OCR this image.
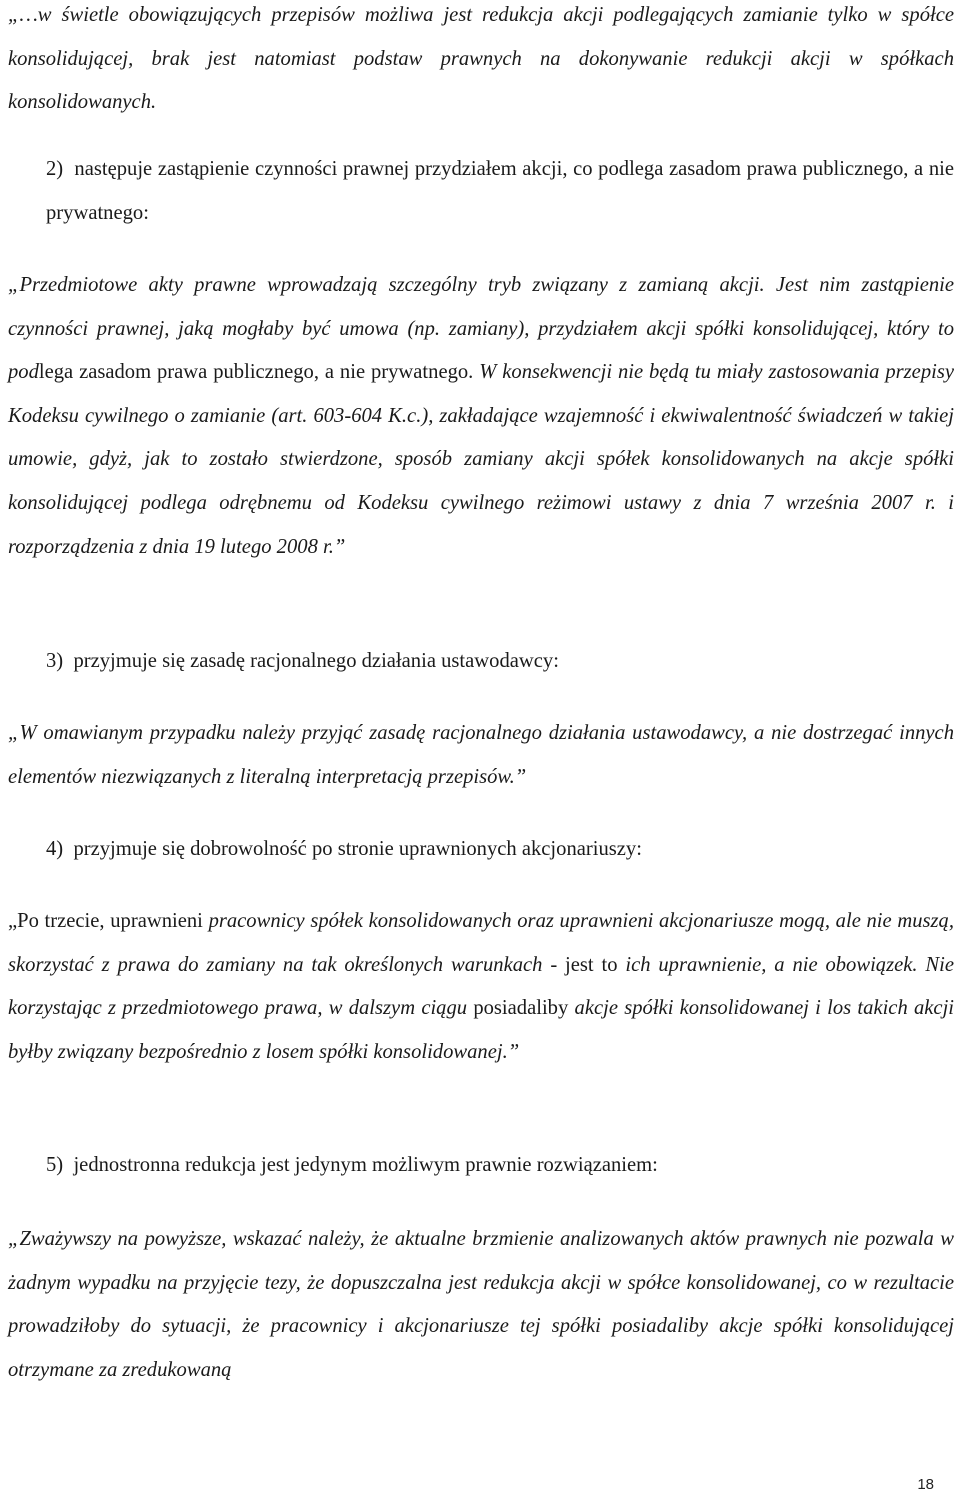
„…w świetle obowiązujących przepisów możliwa jest redukcja akcji podlegających zamianie tylko w spółce konsolidującej, brak jest natomiast podstaw prawnych na dokonywanie redukcji akcji w spółkach konsolidowanych.

2)  następuje zastąpienie czynności prawnej przydziałem akcji, co podlega zasadom prawa publicznego, a nie prywatnego:

„Przedmiotowe akty prawne wprowadzają szczególny tryb związany z zamianą akcji. Jest nim zastąpienie czynności prawnej, jaką mogłaby być umowa (np. zamiany), przydziałem akcji spółki konsolidującej, który to podlega zasadom prawa publicznego, a nie prywatnego. W konsekwencji nie będą tu miały zastosowania przepisy Kodeksu cywilnego o zamianie (art. 603-604 K.c.), zakładające wzajemność i ekwiwalentność świadczeń w takiej umowie, gdyż, jak to zostało stwierdzone, sposób zamiany akcji spółek konsolidowanych na akcje spółki konsolidującej podlega odrębnemu od Kodeksu cywilnego reżimowi ustawy z dnia 7 września 2007 r. i rozporządzenia z dnia 19 lutego 2008 r.”

3)  przyjmuje się zasadę racjonalnego działania ustawodawcy:

„W omawianym przypadku należy przyjąć zasadę racjonalnego działania ustawodawcy, a nie dostrzegać innych elementów niezwiązanych z literalną interpretacją przepisów.”

4)  przyjmuje się dobrowolność po stronie uprawnionych akcjonariuszy:

„Po trzecie, uprawnieni pracownicy spółek konsolidowanych oraz uprawnieni akcjonariusze mogą, ale nie muszą, skorzystać z prawa do zamiany na tak określonych warunkach - jest to ich uprawnienie, a nie obowiązek. Nie korzystając z przedmiotowego prawa, w dalszym ciągu posiadaliby akcje spółki konsolidowanej i los takich akcji byłby związany bezpośrednio z losem spółki konsolidowanej.”

5)  jednostronna redukcja jest jedynym możliwym prawnie rozwiązaniem:

„Zważywszy na powyższe, wskazać należy, że aktualne brzmienie analizowanych aktów prawnych nie pozwala w żadnym wypadku na przyjęcie tezy, że dopuszczalna jest redukcja akcji w spółce konsolidowanej, co w rezultacie prowadziłoby do sytuacji, że pracownicy i akcjonariusze tej spółki posiadaliby akcje spółki konsolidującej otrzymane za zredukowaną

18
